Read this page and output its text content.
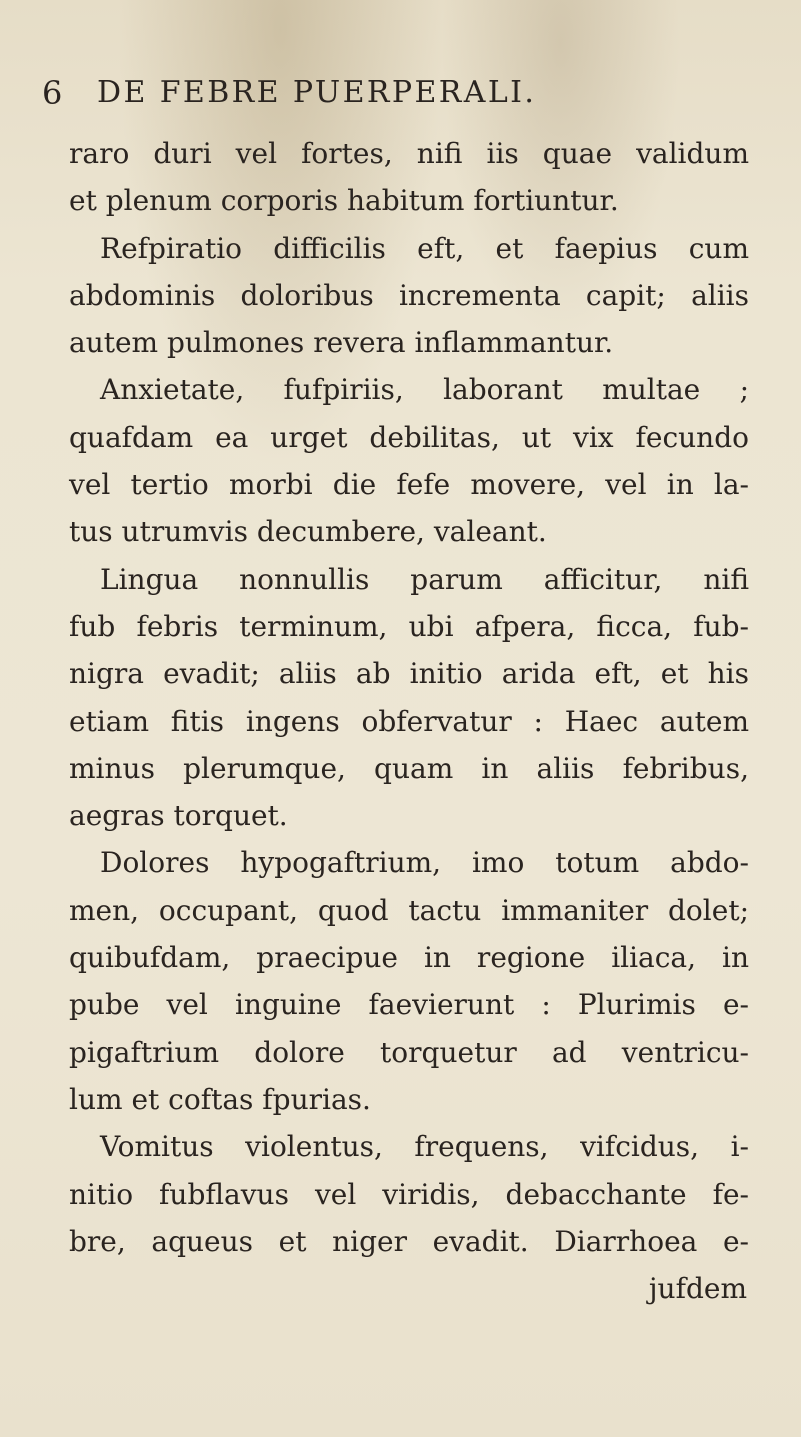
6 DE FEBRE PUERPERALI.
raro duri vel fortes, nifi iis quae validum
et plenum corporis habitum fortiuntur.
Refpiratio difficilis eft, et faepius cum
abdominis doloribus incrementa capit; aliis
autem pulmones revera inflammantur.
Anxietate, fufpiriis, laborant multae ;
quafdam ea urget debilitas, ut vix fecundo
vel tertio morbi die fefe movere, vel in la-
tus utrumvis decumbere, valeant.
Lingua nonnullis parum afficitur, nifi
fub febris terminum, ubi afpera, ficca, fub-
nigra evadit; aliis ab initio arida eft, et his
etiam fitis ingens obfervatur : Haec autem
minus plerumque, quam in aliis febribus,
aegras torquet.
Dolores hypogaftrium, imo totum abdo-
men, occupant, quod tactu immaniter dolet;
quibufdam, praecipue in regione iliaca, in
pube vel inguine faevierunt : Plurimis e-
pigaftrium dolore torquetur ad ventricu-
lum et coftas fpurias.
Vomitus violentus, frequens, vifcidus, i-
nitio fubflavus vel viridis, debacchante fe-
bre, aqueus et niger evadit. Diarrhoea e-
jufdem
